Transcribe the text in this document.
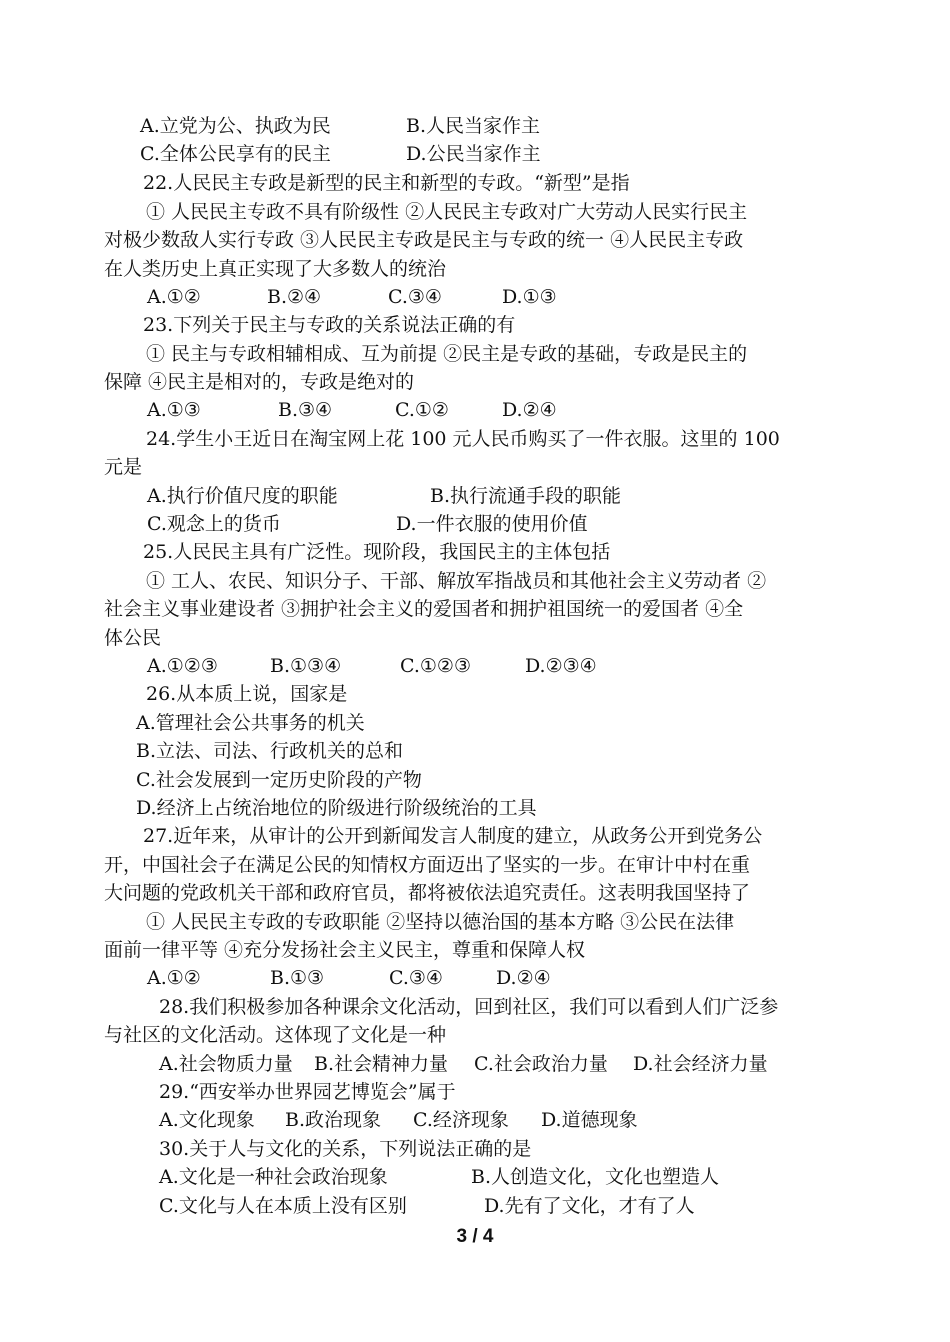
A.立党为公、执政为民	B.人民当家作主
C.全体公民享有的民主	D.公民当家作主
22.人民民主专政是新型的民主和新型的专政。“新型”是指
① 人民民主专政不具有阶级性 ②人民民主专政对广大劳动人民实行民主
对极少数敌人实行专政 ③人民民主专政是民主与专政的统一 ④人民民主专政
在人类历史上真正实现了大多数人的统治
A.①②	B.②④	C.③④	D.①③
23.下列关于民主与专政的关系说法正确的有
① 民主与专政相辅相成、互为前提 ②民主是专政的基础，专政是民主的
保障 ④民主是相对的，专政是绝对的
A.①③	B.③④	C.①②	D.②④
24.学生小王近日在淘宝网上花 100 元人民币购买了一件衣服。这里的 100
元是
A.执行价值尺度的职能	B.执行流通手段的职能
C.观念上的货币	D.一件衣服的使用价值
25.人民民主具有广泛性。现阶段，我国民主的主体包括
① 工人、农民、知识分子、干部、解放军指战员和其他社会主义劳动者 ②
社会主义事业建设者 ③拥护社会主义的爱国者和拥护祖国统一的爱国者 ④全
体公民
A.①②③	B.①③④	C.①②③	D.②③④
26.从本质上说，国家是
A.管理社会公共事务的机关
B.立法、司法、行政机关的总和
C.社会发展到一定历史阶段的产物
D.经济上占统治地位的阶级进行阶级统治的工具
27.近年来，从审计的公开到新闻发言人制度的建立，从政务公开到党务公
开，中国社会子在满足公民的知情权方面迈出了坚实的一步。在审计中村在重
大问题的党政机关干部和政府官员，都将被依法追究责任。这表明我国坚持了
① 人民民主专政的专政职能 ②坚持以德治国的基本方略 ③公民在法律
面前一律平等 ④充分发扬社会主义民主，尊重和保障人权
A.①②	B.①③	C.③④	D.②④
28.我们积极参加各种课余文化活动，回到社区，我们可以看到人们广泛参
与社区的文化活动。这体现了文化是一种
A.社会物质力量 B.社会精神力量 C.社会政治力量 D.社会经济力量
29.“西安举办世界园艺博览会”属于
A.文化现象 B.政治现象 C.经济现象 D.道德现象
30.关于人与文化的关系，下列说法正确的是
A.文化是一种社会政治现象	B.人创造文化，文化也塑造人
C.文化与人在本质上没有区别	D.先有了文化，才有了人
3 / 4
